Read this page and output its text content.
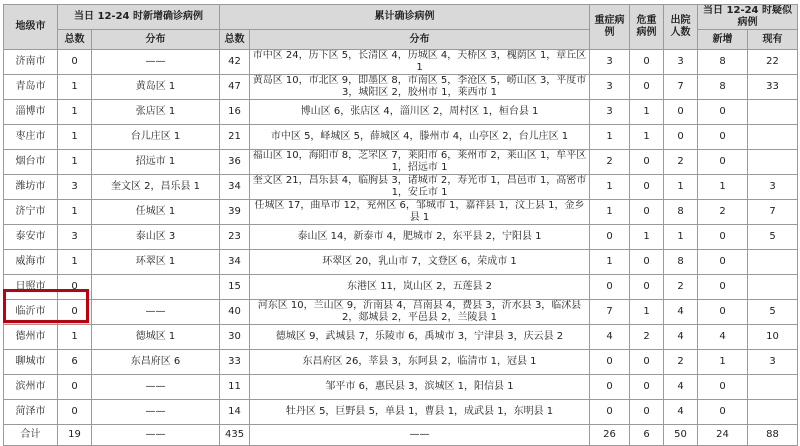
地级市	当日 12-24 时新增确诊病例		累计确诊病例		重症病例	危重病例	出院人数	当日 12-24 时疑似病例	
	总数	分布	总数	分布				新增	现有
济南市	0	——	42	市中区 24，历下区 5，长清区 4，历城区 4，天桥区 3，槐荫区 1，章丘区 1	3	0	3	8	22
青岛市	1	黄岛区 1	47	黄岛区 10，市北区 9，即墨区 8，市南区 5，李沧区 5，崂山区 3，平度市 3，城阳区 2，胶州市 1，莱西市 1	3	0	7	8	33
淄博市	1	张店区 1	16	博山区 6，张店区 4，淄川区 2，周村区 1，桓台县 1	3	1	0	0	
枣庄市	1	台儿庄区 1	21	市中区 5，峄城区 5，薛城区 4，滕州市 4，山亭区 2，台儿庄区 1	1	1	0	0	
烟台市	1	招远市 1	36	福山区 10，海阳市 8，芝罘区 7，莱阳市 6，莱州市 2，莱山区 1，牟平区 1，招远市 1	2	0	2	0	
潍坊市	3	奎文区 2，昌乐县 1	34	奎文区 21，昌乐县 4，临朐县 3，诸城市 2，寿光市 1，昌邑市 1，高密市 1，安丘市 1	1	0	1	1	3
济宁市	1	任城区 1	39	任城区 17，曲阜市 12，兖州区 6，邹城市 1，嘉祥县 1，汶上县 1，金乡县 1	1	0	8	2	7
泰安市	3	泰山区 3	23	泰山区 14，新泰市 4，肥城市 2，东平县 2，宁阳县 1	0	1	1	0	5
威海市	1	环翠区 1	34	环翠区 20，乳山市 7，文登区 6，荣成市 1	1	0	8	0	
日照市	0		15	东港区 11，岚山区 2，五莲县 2	0	0	2	0	
临沂市	0	——	40	河东区 10，兰山区 9，沂南县 4，莒南县 4，费县 3，沂水县 3，临沭县 2，郯城县 2，平邑县 2，兰陵县 1	7	1	4	0	5
德州市	1	德城区 1	30	德城区 9，武城县 7，乐陵市 6，禹城市 3，宁津县 3，庆云县 2	4	2	4	4	10
聊城市	6	东昌府区 6	33	东昌府区 26，莘县 3，东阿县 2，临清市 1，冠县 1	0	0	2	1	3
滨州市	0	——	11	邹平市 6，惠民县 3，滨城区 1，阳信县 1	0	0	4	0	
菏泽市	0	——	14	牡丹区 5，巨野县 5，单县 1，曹县 1，成武县 1，东明县 1	0	0	4	0	
合计	19	——	435	——	26	6	50	24	88
